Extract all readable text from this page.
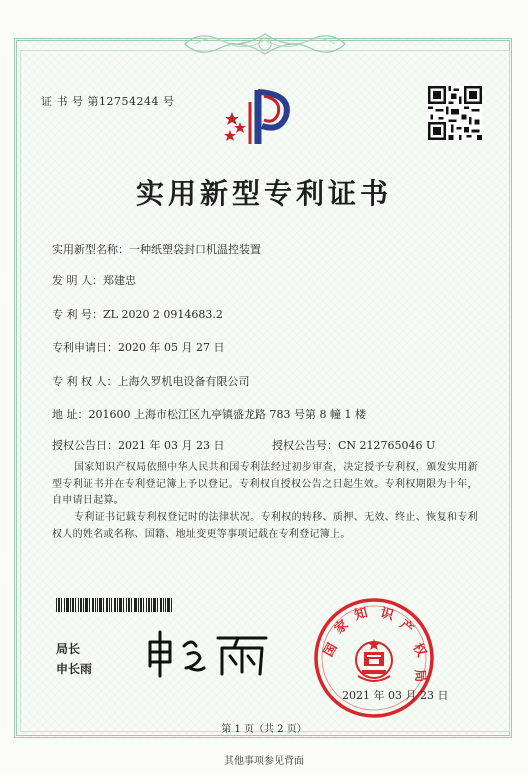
证 书 号 第12754244 号
实用新型专利证书
实用新型名称：一种纸塑袋封口机温控装置
发 明 人：郑建忠
专 利 号：ZL 2020 2 0914683.2
专利申请日：2020 年 05 月 27 日
专 利 权 人：上海久罗机电设备有限公司
地 址：201600 上海市松江区九亭镇盛龙路 783 号第 8 幢 1 楼
授权公告日：2021 年 03 月 23 日	授权公告号：CN 212765046 U
国家知识产权局依照中华人民共和国专利法经过初步审查，决定授予专利权，颁发实用新型专利证书并在专利登记簿上予以登记。专利权自授权公告之日起生效。专利权期限为十年，自申请日起算。
专利证书记载专利权登记时的法律状况。专利权的转移、质押、无效、终止、恢复和专利权人的姓名或名称、国籍、地址变更等事项记载在专利登记簿上。
局长
申长雨
国
家
知 识
产
权
局
2021 年 03 月 23 日
第 1 页（共 2 页）
其他事项参见背面
